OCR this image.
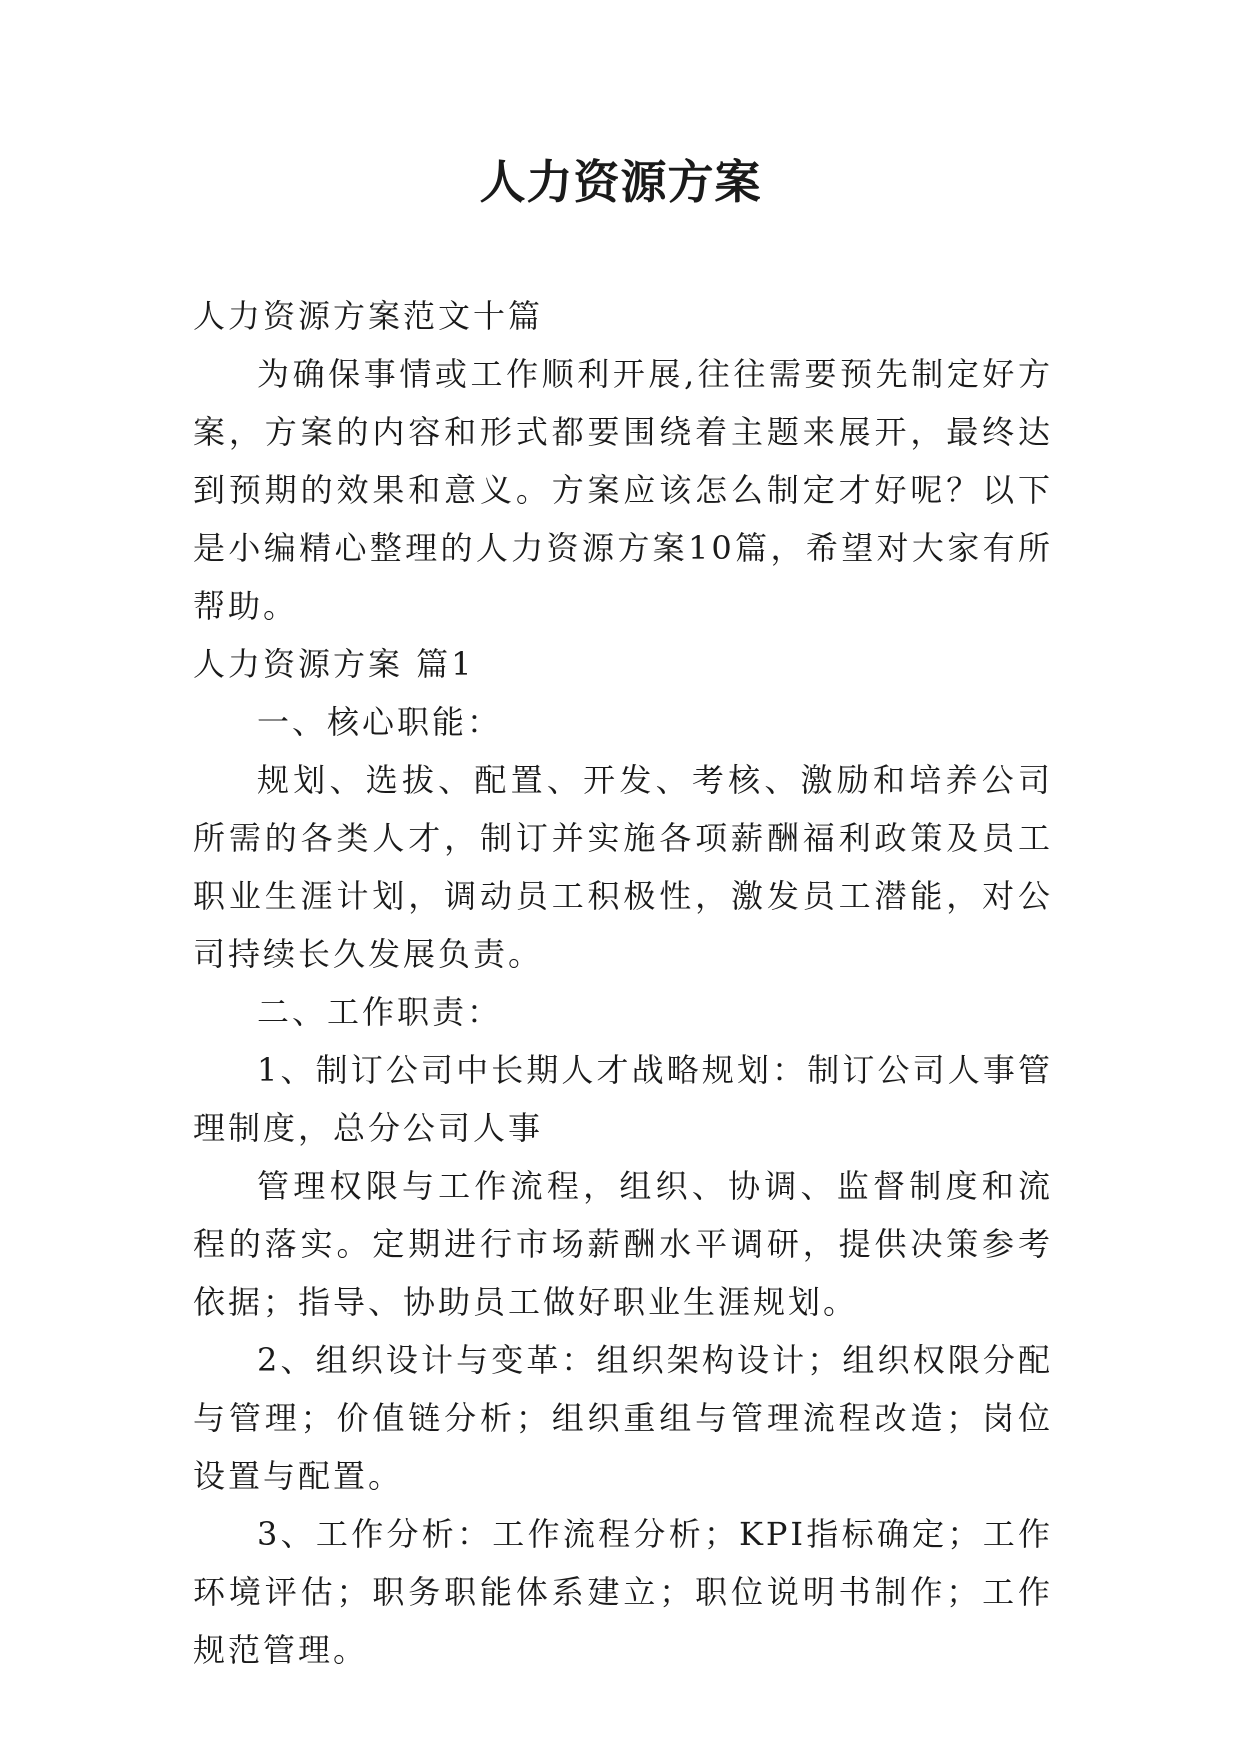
人力资源方案

人力资源方案范文十篇

为确保事情或工作顺利开展,往往需要预先制定好方案，方案的内容和形式都要围绕着主题来展开，最终达到预期的效果和意义。方案应该怎么制定才好呢？以下是小编精心整理的人力资源方案10篇，希望对大家有所帮助。

人力资源方案 篇1

一、核心职能：

规划、选拔、配置、开发、考核、激励和培养公司所需的各类人才，制订并实施各项薪酬福利政策及员工职业生涯计划，调动员工积极性，激发员工潜能，对公司持续长久发展负责。

二、工作职责：

1、制订公司中长期人才战略规划：制订公司人事管理制度，总分公司人事

管理权限与工作流程，组织、协调、监督制度和流程的落实。定期进行市场薪酬水平调研，提供决策参考依据；指导、协助员工做好职业生涯规划。

2、组织设计与变革：组织架构设计；组织权限分配与管理；价值链分析；组织重组与管理流程改造；岗位设置与配置。

3、工作分析：工作流程分析；KPI指标确定；工作环境评估；职务职能体系建立；职位说明书制作；工作规范管理。
